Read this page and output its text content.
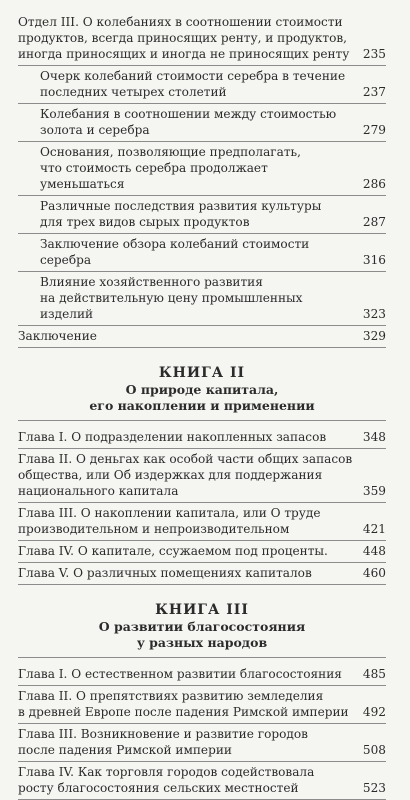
Отдел III. О колебаниях в соотношении стоимости
продуктов, всегда приносящих ренту, и продуктов,
иногда приносящих и иногда не приносящих ренту	235
Очерк колебаний стоимости серебра в течение
последних четырех столетий	237
Колебания в соотношении между стоимостью
золота и серебра	279
Основания, позволяющие предполагать,
что стоимость серебра продолжает уменьшаться	286
Различные последствия развития культуры
для трех видов сырых продуктов	287
Заключение обзора колебаний стоимости серебра	316
Влияние хозяйственного развития
на действительную цену промышленных изделий	323
Заключение	329
КНИГА II
О природе капитала,
его накоплении и применении
Глава I. О подразделении накопленных запасов	348
Глава II. О деньгах как особой части общих запасов
общества, или Об издержках для поддержания
национального капитала	359
Глава III. О накоплении капитала, или О труде
производительном и непроизводительном	421
Глава IV. О капитале, ссужаемом под проценты.	448
Глава V. О различных помещениях капиталов	460
КНИГА III
О развитии благосостояния
у разных народов
Глава I. О естественном развитии благосостояния	485
Глава II. О препятствиях развитию земледелия
в древней Европе после падения Римской империи	492
Глава III. Возникновение и развитие городов
после падения Римской империи	508
Глава IV. Как торговля городов содействовала
росту благосостояния сельских местностей	523
